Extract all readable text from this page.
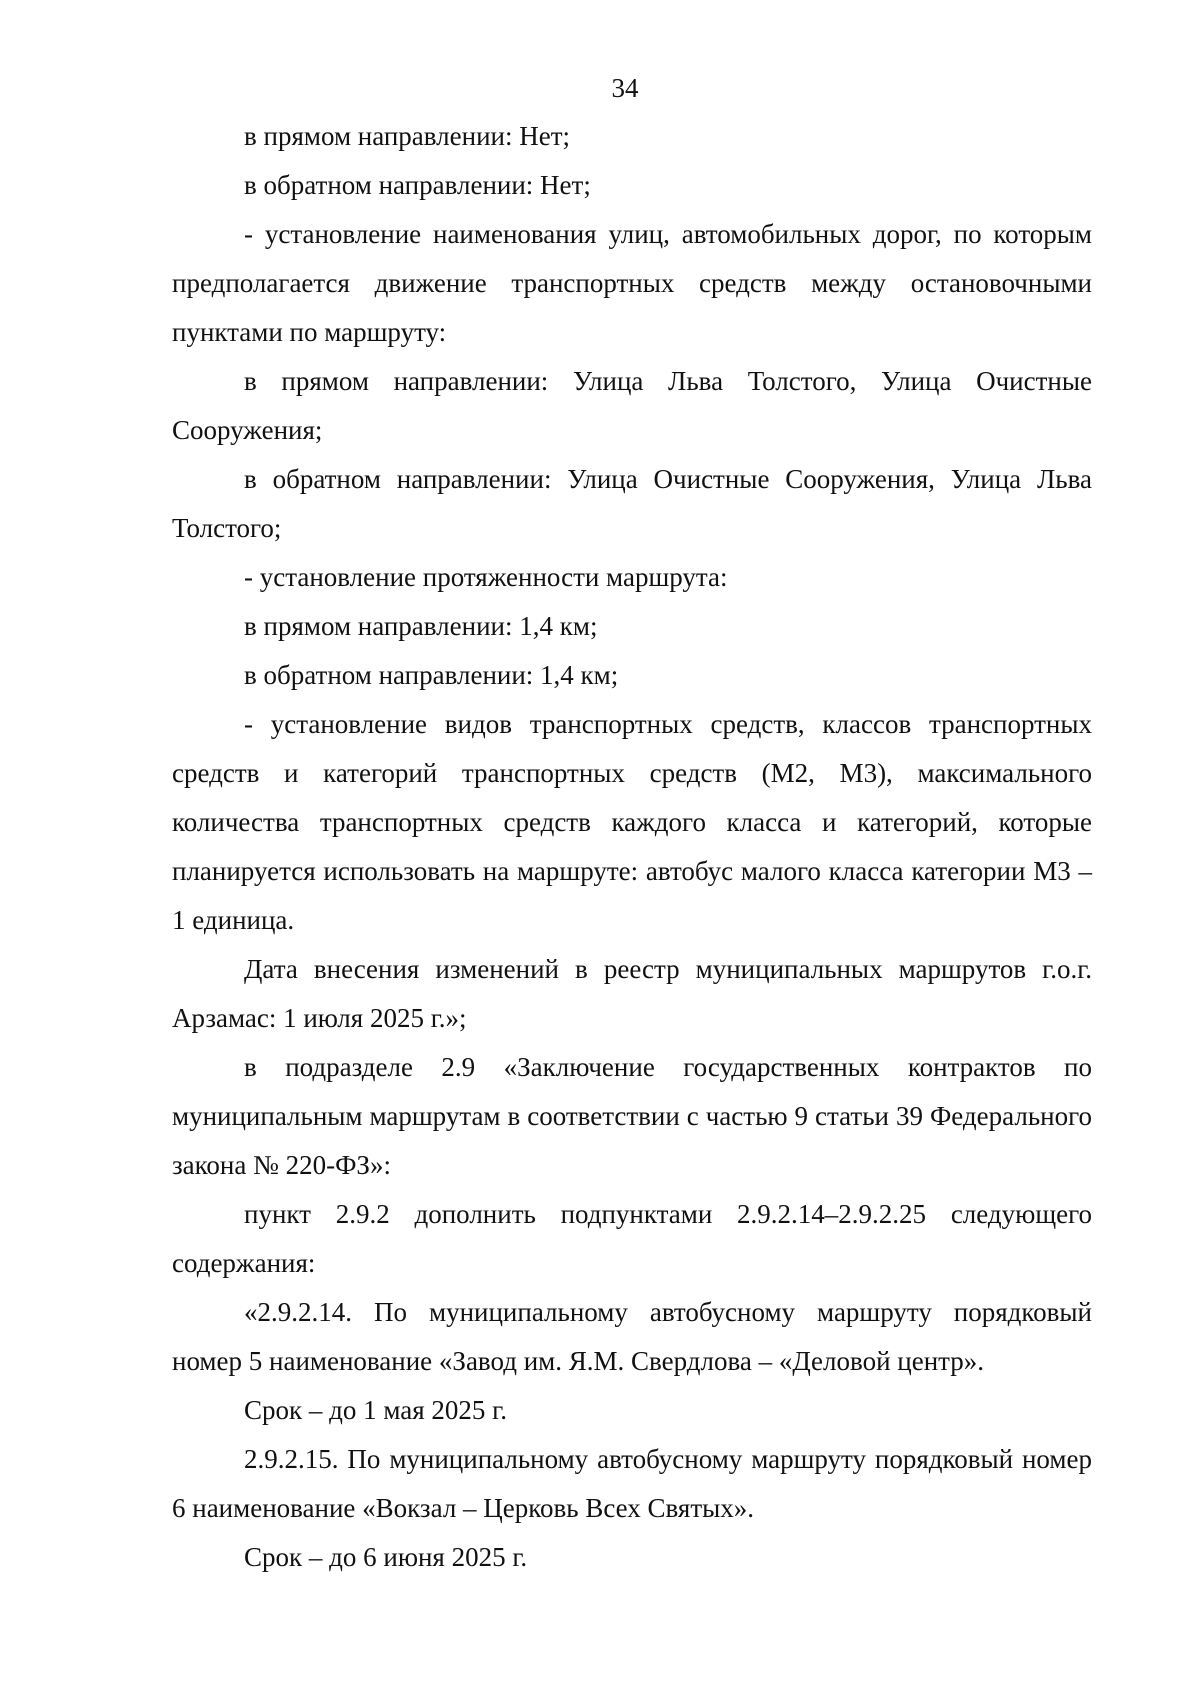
34

в прямом направлении: Нет;

в обратном направлении: Нет;

- установление наименования улиц, автомобильных дорог, по которым предполагается движение транспортных средств между остановочными пунктами по маршруту:

в прямом направлении: Улица Льва Толстого, Улица Очистные Сооружения;

в обратном направлении: Улица Очистные Сооружения, Улица Льва Толстого;

- установление протяженности маршрута:

в прямом направлении: 1,4 км;

в обратном направлении: 1,4 км;

- установление видов транспортных средств, классов транспортных средств и категорий транспортных средств (М2, М3), максимального количества транспортных средств каждого класса и категорий, которые планируется использовать на маршруте: автобус малого класса категории М3 – 1 единица.

Дата внесения изменений в реестр муниципальных маршрутов г.о.г. Арзамас: 1 июля 2025 г.»;

в подразделе 2.9 «Заключение государственных контрактов по муниципальным маршрутам в соответствии с частью 9 статьи 39 Федерального закона № 220-ФЗ»:

пункт 2.9.2 дополнить подпунктами 2.9.2.14–2.9.2.25 следующего содержания:

«2.9.2.14. По муниципальному автобусному маршруту порядковый номер 5 наименование «Завод им. Я.М. Свердлова – «Деловой центр».

Срок – до 1 мая 2025 г.

2.9.2.15. По муниципальному автобусному маршруту порядковый номер 6 наименование «Вокзал – Церковь Всех Святых».

Срок – до 6 июня 2025 г.
